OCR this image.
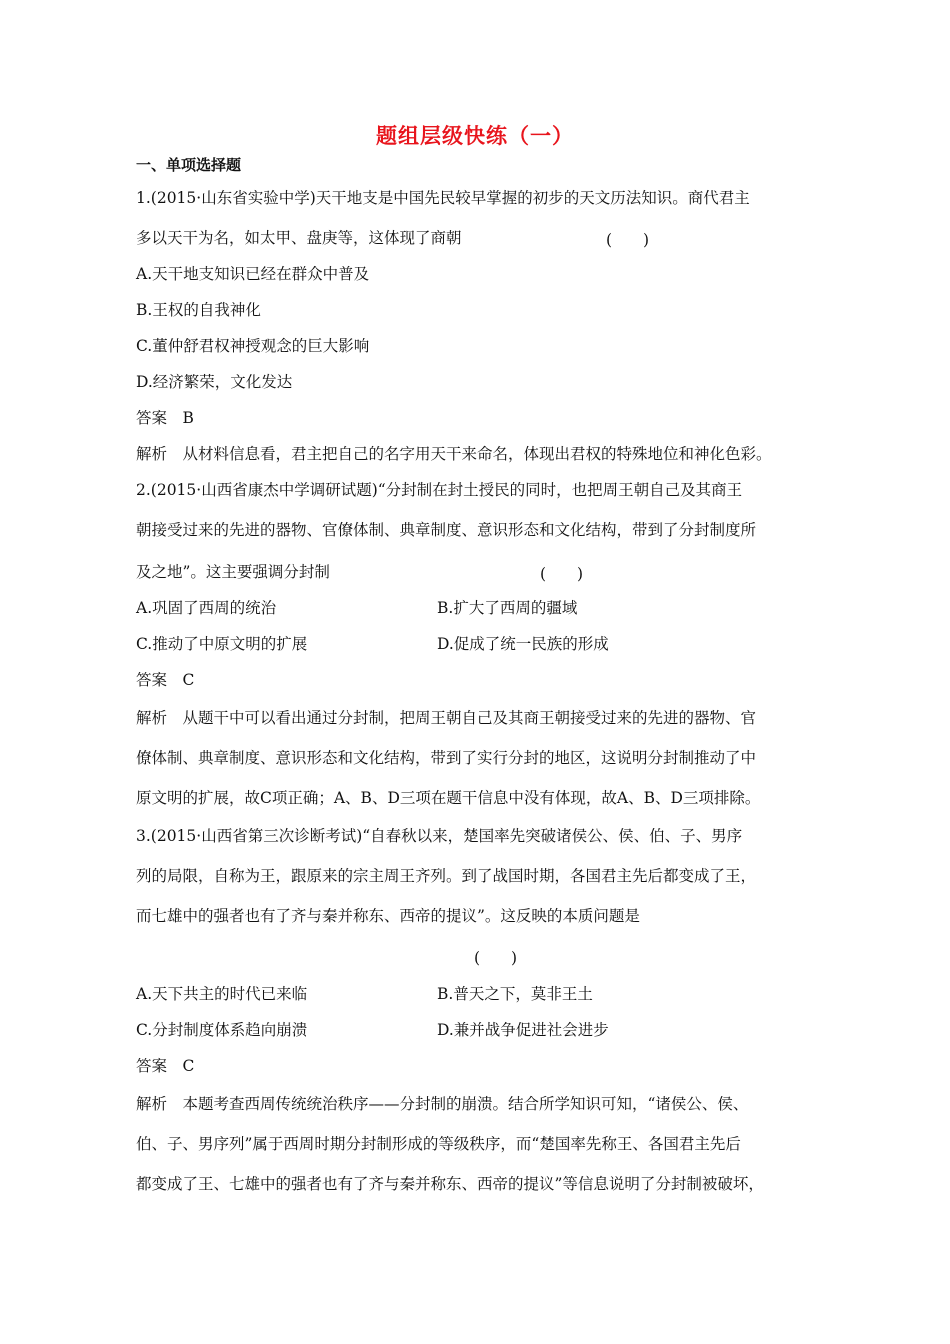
题组层级快练（一）
一、单项选择题
1.(2015·山东省实验中学)天干地支是中国先民较早掌握的初步的天文历法知识。商代君主
多以天干为名，如太甲、盘庚等，这体现了商朝	(　　)
A.天干地支知识已经在群众中普及
B.王权的自我神化
C.董仲舒君权神授观念的巨大影响
D.经济繁荣，文化发达
答案　B
解析　从材料信息看，君主把自己的名字用天干来命名，体现出君权的特殊地位和神化色彩。
2.(2015·山西省康杰中学调研试题)“分封制在封土授民的同时，也把周王朝自己及其商王
朝接受过来的先进的器物、官僚体制、典章制度、意识形态和文化结构，带到了分封制度所
及之地”。这主要强调分封制	(　　)
A.巩固了西周的统治	B.扩大了西周的疆域
C.推动了中原文明的扩展	D.促成了统一民族的形成
答案　C
解析　从题干中可以看出通过分封制，把周王朝自己及其商王朝接受过来的先进的器物、官
僚体制、典章制度、意识形态和文化结构，带到了实行分封的地区，这说明分封制推动了中
原文明的扩展，故C项正确；A、B、D三项在题干信息中没有体现，故A、B、D三项排除。
3.(2015·山西省第三次诊断考试)“自春秋以来，楚国率先突破诸侯公、侯、伯、子、男序
列的局限，自称为王，跟原来的宗主周王齐列。到了战国时期，各国君主先后都变成了王，
而七雄中的强者也有了齐与秦并称东、西帝的提议”。这反映的本质问题是
(　　)
A.天下共主的时代已来临	B.普天之下，莫非王土
C.分封制度体系趋向崩溃	D.兼并战争促进社会进步
答案　C
解析　本题考查西周传统统治秩序——分封制的崩溃。结合所学知识可知，“诸侯公、侯、
伯、子、男序列”属于西周时期分封制形成的等级秩序，而“楚国率先称王、各国君主先后
都变成了王、七雄中的强者也有了齐与秦并称东、西帝的提议”等信息说明了分封制被破坏，
